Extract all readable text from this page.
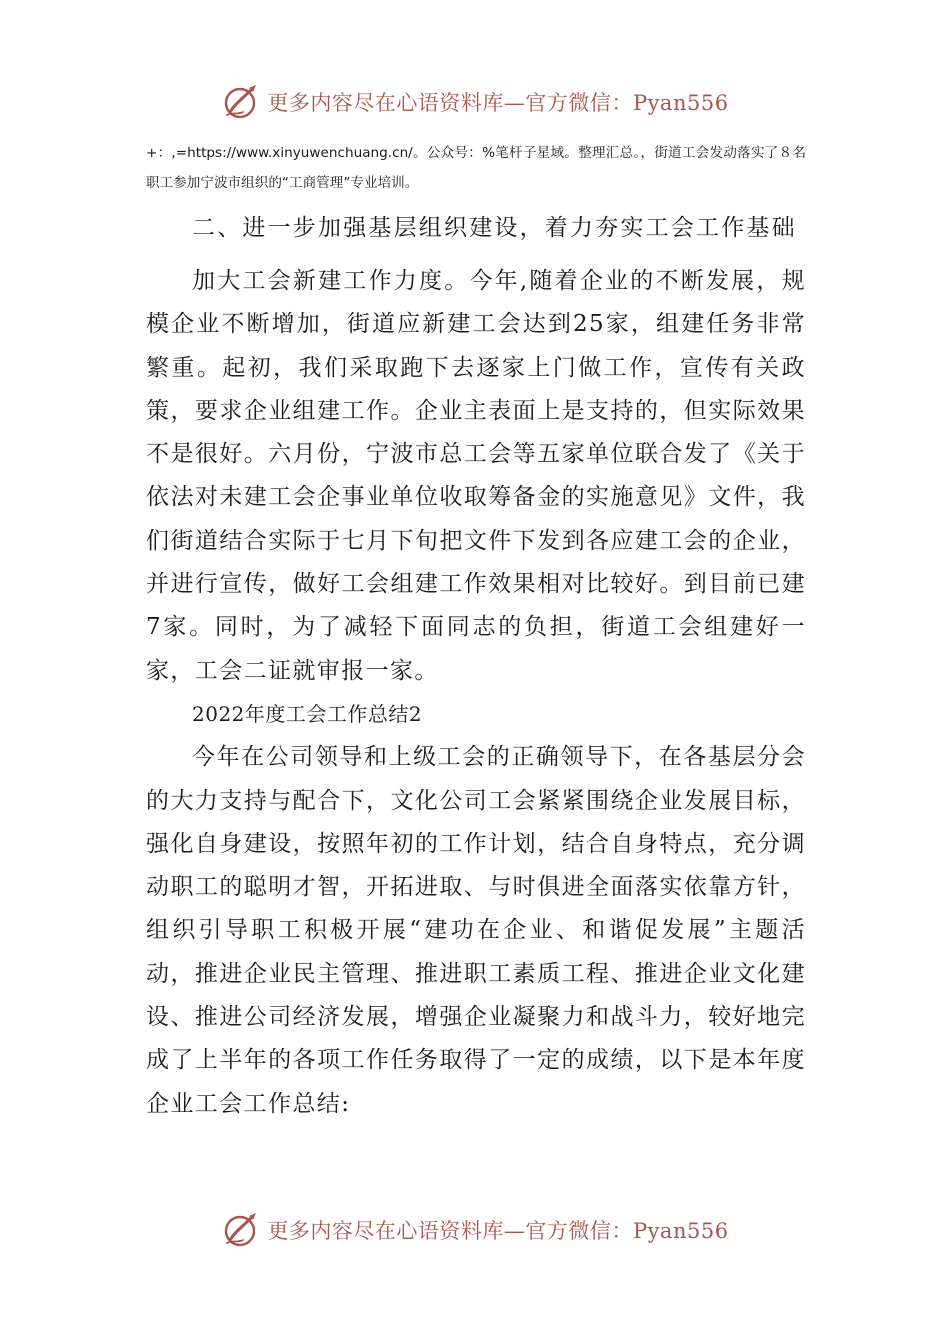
更多内容尽在心语资料库—官方微信：Pyan556

+：,=https://www.xinyuwenchuang.cn/。公众号：%笔杆子星域。整理汇总。，街道工会发动落实了８名职工参加宁波市组织的“工商管理”专业培训。

二、进一步加强基层组织建设，着力夯实工会工作基础

加大工会新建工作力度。今年,随着企业的不断发展，规模企业不断增加，街道应新建工会达到25家，组建任务非常繁重。起初，我们采取跑下去逐家上门做工作，宣传有关政策，要求企业组建工作。企业主表面上是支持的，但实际效果不是很好。六月份，宁波市总工会等五家单位联合发了《关于依法对未建工会企事业单位收取筹备金的实施意见》文件，我们街道结合实际于七月下旬把文件下发到各应建工会的企业，并进行宣传，做好工会组建工作效果相对比较好。到目前已建7家。同时，为了减轻下面同志的负担，街道工会组建好一家，工会二证就审报一家。

2022年度工会工作总结2

今年在公司领导和上级工会的正确领导下，在各基层分会的大力支持与配合下，文化公司工会紧紧围绕企业发展目标，强化自身建设，按照年初的工作计划，结合自身特点，充分调动职工的聪明才智，开拓进取、与时俱进全面落实依靠方针，组织引导职工积极开展“建功在企业、和谐促发展”主题活动，推进企业民主管理、推进职工素质工程、推进企业文化建设、推进公司经济发展，增强企业凝聚力和战斗力，较好地完成了上半年的各项工作任务取得了一定的成绩，以下是本年度企业工会工作总结:

更多内容尽在心语资料库—官方微信：Pyan556
